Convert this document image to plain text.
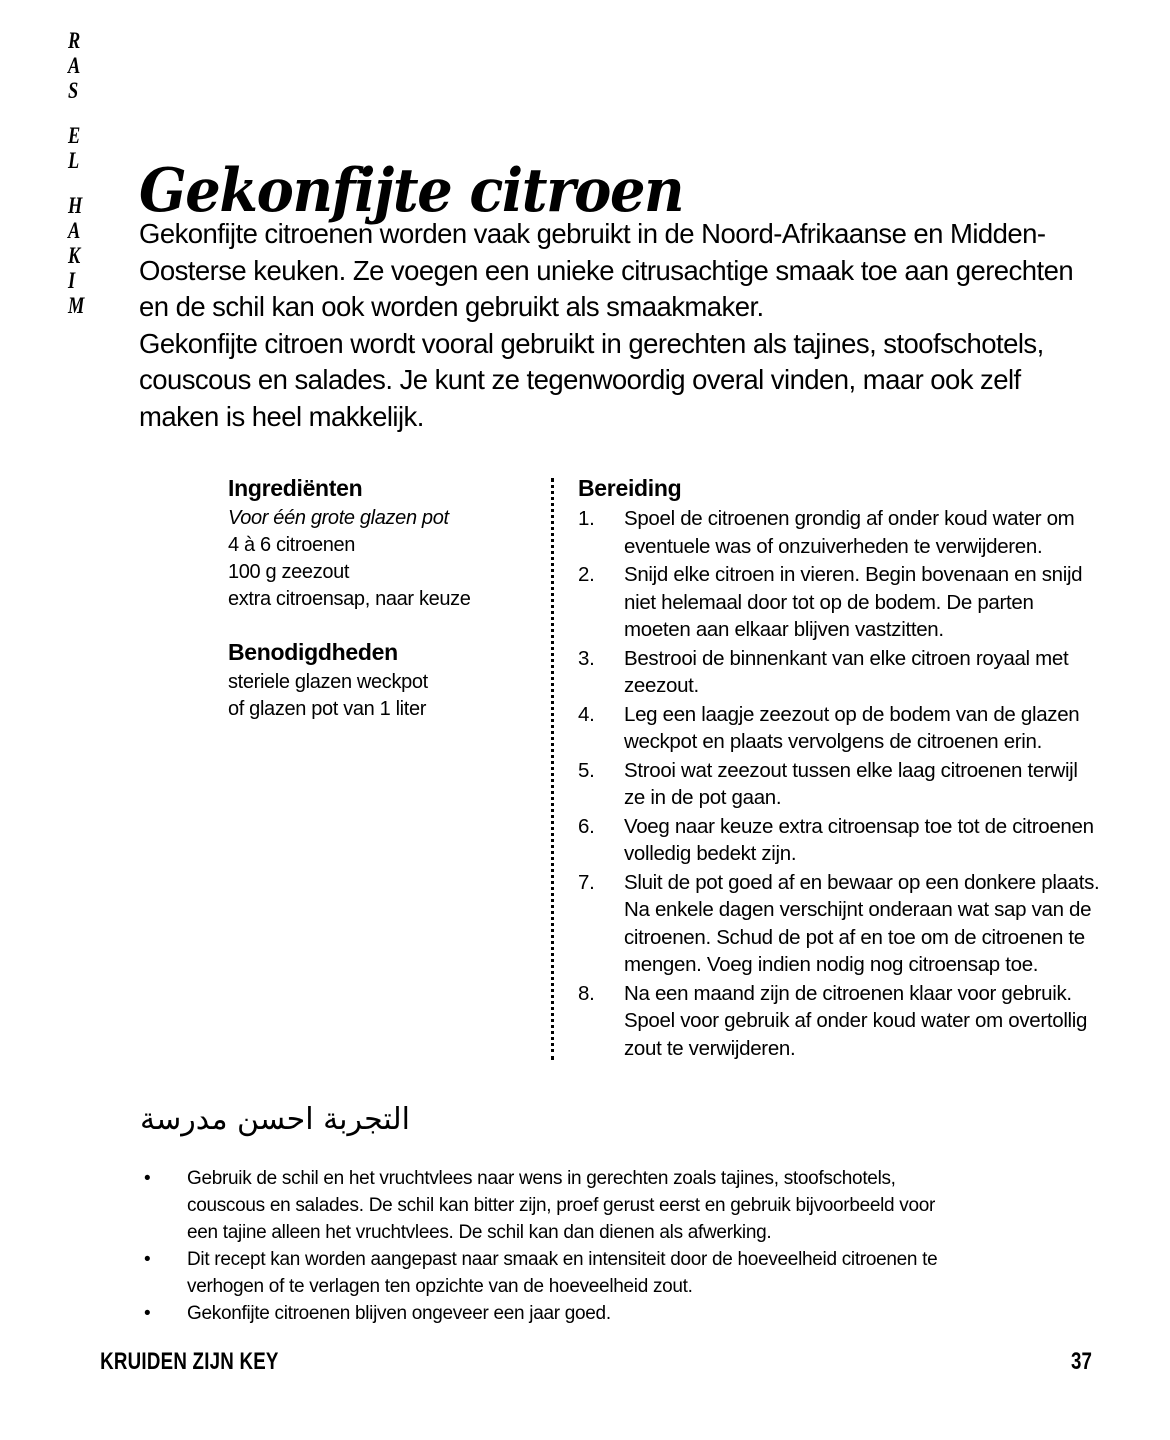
R
A
S
E
L
H
A
K
I
M
Gekonfijte citroen

Gekonfijte citroenen worden vaak gebruikt in de Noord-Afrikaanse en Midden-Oosterse keuken. Ze voegen een unieke citrusachtige smaak toe aan gerechten en de schil kan ook worden gebruikt als smaakmaker.

Gekonfijte citroen wordt vooral gebruikt in gerechten als tajines, stoofschotels, couscous en salades. Je kunt ze tegenwoordig overal vinden, maar ook zelf maken is heel makkelijk.

Ingrediënten
Voor één grote glazen pot
4 à 6 citroenen
100 g zeezout
extra citroensap, naar keuze
Benodigdheden
steriele glazen weckpot
of glazen pot van 1 liter
Bereiding
1.	Spoel de citroenen grondig af onder koud water om eventuele was of onzuiverheden te verwijderen.
2.	Snijd elke citroen in vieren. Begin bovenaan en snijd niet helemaal door tot op de bodem. De parten moeten aan elkaar blijven vastzitten.
3.	Bestrooi de binnenkant van elke citroen royaal met zeezout.
4.	Leg een laagje zeezout op de bodem van de glazen weckpot en plaats vervolgens de citroenen erin.
5.	Strooi wat zeezout tussen elke laag citroenen terwijl ze in de pot gaan.
6.	Voeg naar keuze extra citroensap toe tot de citroenen volledig bedekt zijn.
7.	Sluit de pot goed af en bewaar op een donkere plaats. Na enkele dagen verschijnt onderaan wat sap van de citroenen. Schud de pot af en toe om de citroenen te mengen. Voeg indien nodig nog citroensap toe.
8.	Na een maand zijn de citroenen klaar voor gebruik. Spoel voor gebruik af onder koud water om overtollig zout te verwijderen.
التجربة احسن مدرسة
•	Gebruik de schil en het vruchtvlees naar wens in gerechten zoals tajines, stoofschotels, couscous en salades. De schil kan bitter zijn, proef gerust eerst en gebruik bijvoorbeeld voor een tajine alleen het vruchtvlees. De schil kan dan dienen als afwerking.
•	Dit recept kan worden aangepast naar smaak en intensiteit door de hoeveelheid citroenen te verhogen of te verlagen ten opzichte van de hoeveelheid zout.
•	Gekonfijte citroenen blijven ongeveer een jaar goed.
KRUIDEN ZIJN KEY	37
